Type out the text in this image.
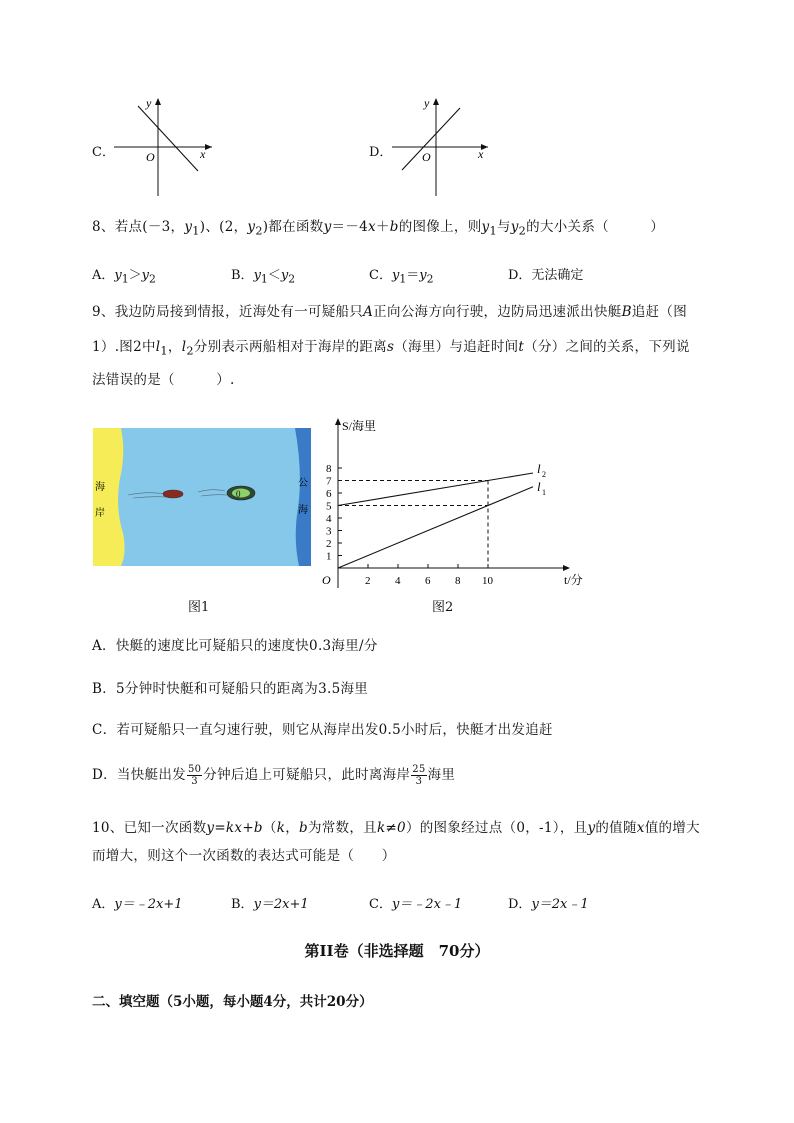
C．
y
x
O	D．
y
x
O
8、若点(－3，$y_1$)、(2，$y_2$)都在函数y＝－4x＋b的图像上，则$y_1$与$y_2$的大小关系（　　　）
A．$y_1>y_2$	B．$y_1<y_2$	C．$y_1=y_2$	D．无法确定
9、我边防局接到情报，近海处有一可疑船只A正向公海方向行驶，边防局迅速派出快艇B追赶（图
1）.图2中$l_1$，$l_2$分别表示两船相对于海岸的距离s（海里）与追赶时间t（分）之间的关系，下列说
法错误的是（　　　）.
海
岸
公
海
0
图1
S/海里
t/分
O
1
2
3
4
5
6
7
8
2 4 6 8 10
l 1
l 2
图2
A．快艇的速度比可疑船只的速度快0.3海里/分
B．5分钟时快艇和可疑船只的距离为3.5海里
C．若可疑船只一直匀速行驶，则它从海岸出发0.5小时后，快艇才出发追赶
D．当快艇出发 $\frac{50}{3}$ 分钟后追上可疑船只，此时离海岸 $\frac{25}{3}$ 海里
10、已知一次函数y=kx+b（k，b为常数，且k≠0）的图象经过点（0，-1），且y的值随x值的增大
而增大，则这个一次函数的表达式可能是（　　）
A．y＝﹣2x+1	B．y＝2x+1	C．y＝﹣2x﹣1	D．y＝2x﹣1
第II卷（非选择题　70分）
二、填空题（5小题，每小题4分，共计20分）
